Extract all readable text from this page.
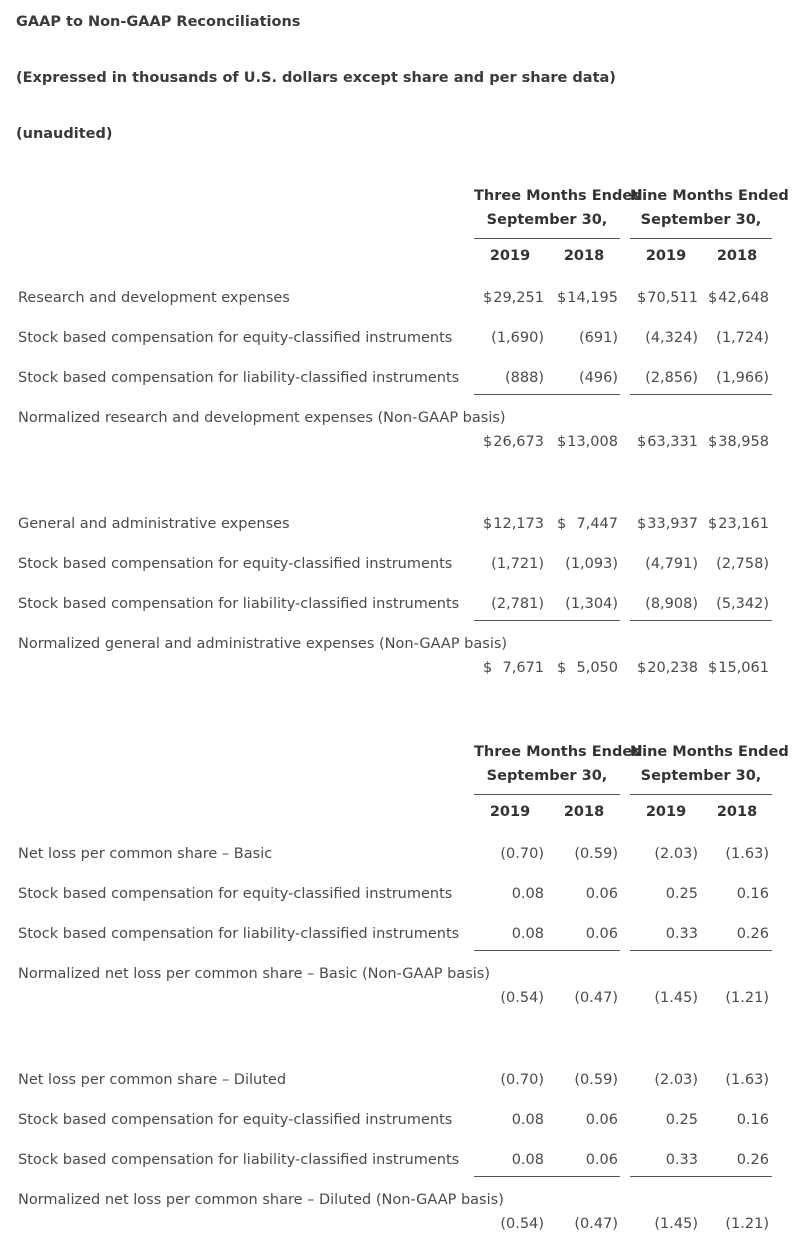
GAAP to Non-GAAP Reconciliations
(Expressed in thousands of U.S. dollars except share and per share data)
(unaudited)
Three Months Ended
September 30,
Nine Months Ended
September 30,
2019	2018	2019	2018
Research and development expenses	$ 29,251 $ 14,195 $ 70,511 $ 42,648
Stock based compensation for equity-classified instruments	(1,690) (691) (4,324) (1,724)
Stock based compensation for liability-classified instruments	(888) (496) (2,856) (1,966)
Normalized research and development expenses (Non-GAAP basis)
$ 26,673 $ 13,008 $ 63,331 $ 38,958
General and administrative expenses	$ 12,173 $ 7,447 $ 33,937 $ 23,161
Stock based compensation for equity-classified instruments	(1,721) (1,093) (4,791) (2,758)
Stock based compensation for liability-classified instruments (2,781) (1,304) (8,908) (5,342)
Normalized general and administrative expenses (Non-GAAP basis)
$ 7,671 $ 5,050 $ 20,238 $ 15,061
Three Months Ended
September 30,
Nine Months Ended
September 30,
2019	2018	2019	2018
Net loss per common share – Basic	(0.70) (0.59)	(2.03) (1.63)
Stock based compensation for equity-classified instruments	0.08	0.06	0.25	0.16
Stock based compensation for liability-classified instruments	0.08	0.06	0.33	0.26
Normalized net loss per common share – Basic (Non-GAAP basis)
(0.54) (0.47)	(1.45) (1.21)
Net loss per common share – Diluted	(0.70) (0.59)	(2.03) (1.63)
Stock based compensation for equity-classified instruments	0.08	0.06	0.25	0.16
Stock based compensation for liability-classified instruments	0.08	0.06	0.33	0.26
Normalized net loss per common share – Diluted (Non-GAAP basis)
(0.54) (0.47)	(1.45) (1.21)
